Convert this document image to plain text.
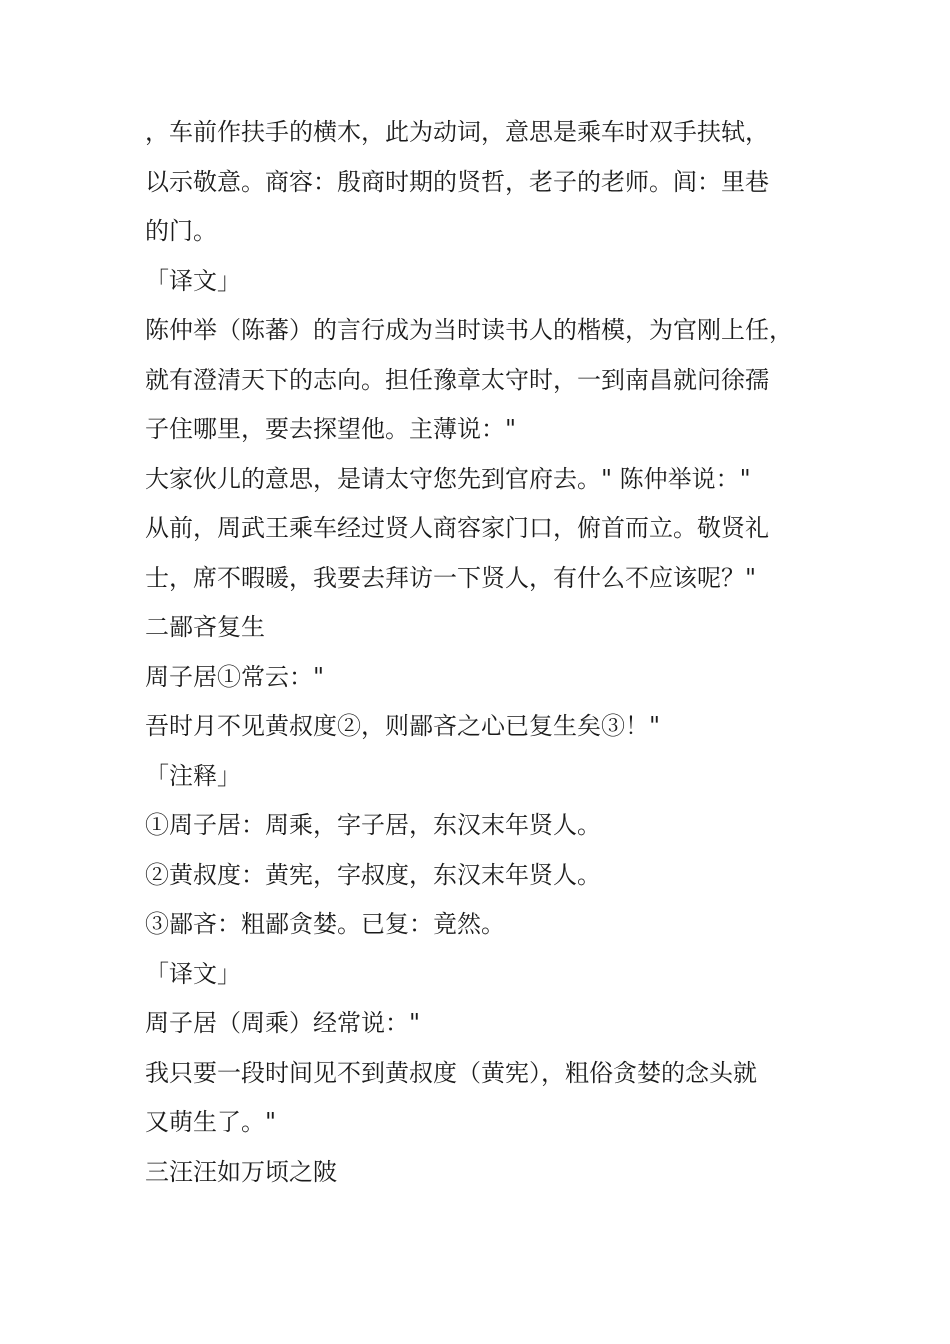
，车前作扶手的横木，此为动词，意思是乘车时双手扶轼，
以示敬意。商容：殷商时期的贤哲，老子的老师。闾：里巷
的门。
「译文」
陈仲举（陈蕃）的言行成为当时读书人的楷模，为官刚上任，
就有澄清天下的志向。担任豫章太守时，一到南昌就问徐孺
子住哪里，要去探望他。主薄说："
大家伙儿的意思，是请太守您先到官府去。" 陈仲举说："
从前，周武王乘车经过贤人商容家门口，俯首而立。敬贤礼
士，席不暇暖，我要去拜访一下贤人，有什么不应该呢？"
二鄙吝复生
周子居①常云："
吾时月不见黄叔度②，则鄙吝之心已复生矣③！"
「注释」
①周子居：周乘，字子居，东汉末年贤人。
②黄叔度：黄宪，字叔度，东汉末年贤人。
③鄙吝：粗鄙贪婪。已复：竟然。
「译文」
周子居（周乘）经常说："
我只要一段时间见不到黄叔度（黄宪），粗俗贪婪的念头就
又萌生了。"
三汪汪如万顷之陂
